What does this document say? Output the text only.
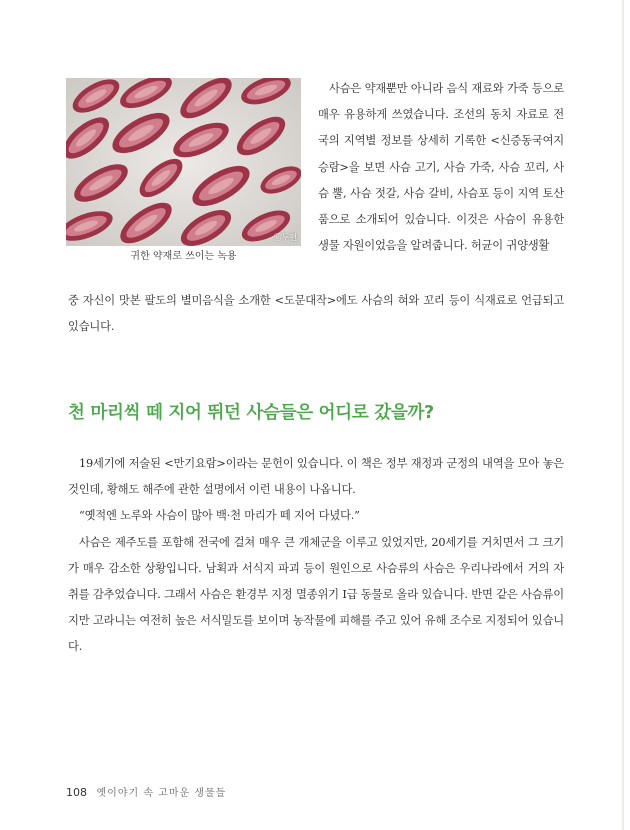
ⓒ두편
귀한 약재로 쓰이는 녹용
사슴은 약재뿐만 아니라 음식 재료와 가죽 등으로 매우 유용하게 쓰였습니다. 조선의 동치 자료로 전국의 지역별 정보를 상세히 기록한 <신증동국여지승람>을 보면 사슴 고기, 사슴 가죽, 사슴 꼬리, 사슴 뿔, 사슴 젓갈, 사슴 갈비, 사슴포 등이 지역 토산품으로 소개되어 있습니다. 이것은 사슴이 유용한 생물 자원이었음을 알려줍니다. 허균이 귀양생활
중 자신이 맛본 팔도의 별미음식을 소개한 <도문대작>에도 사슴의 혀와 꼬리 등이 식재료로 언급되고 있습니다.
천 마리씩 떼 지어 뛰던 사슴들은 어디로 갔을까?

19세기에 저술된 <만기요람>이라는 문헌이 있습니다. 이 책은 정부 재정과 군정의 내역을 모아 놓은 것인데, 황해도 해주에 관한 설명에서 이런 내용이 나옵니다.

“옛적엔 노루와 사슴이 많아 백·천 마리가 떼 지어 다녔다.”

사슴은 제주도를 포함해 전국에 걸쳐 매우 큰 개체군을 이루고 있었지만, 20세기를 거치면서 그 크기가 매우 감소한 상황입니다. 남획과 서식지 파괴 등이 원인으로 사슴류의 사슴은 우리나라에서 거의 자취를 감추었습니다. 그래서 사슴은 환경부 지정 멸종위기 I급 동물로 올라 있습니다. 반면 같은 사슴류이지만 고라니는 여전히 높은 서식밀도를 보이며 농작물에 피해를 주고 있어 유해 조수로 지정되어 있습니다.

108 옛이야기 속 고마운 생물들
